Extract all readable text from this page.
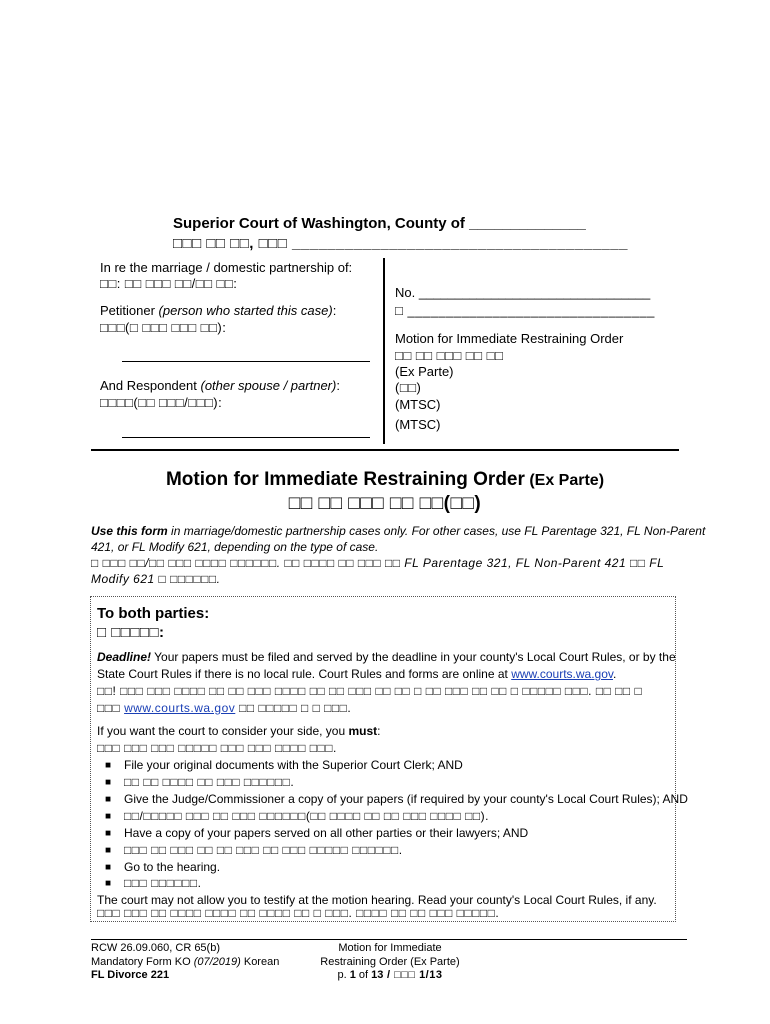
Superior Court of Washington, County of ______________
□□□ □□ □□, □□□ ______________________________________
In re the marriage / domestic partnership of:
□□: □□ □□□ □□/□□ □□:
Petitioner (person who started this case):
□□□(□ □□□ □□□ □□):
And Respondent (other spouse / partner):
□□□□(□□ □□□/□□□):
No. ________________________________
□ ________________________________
Motion for Immediate Restraining Order
□□ □□ □□□ □□ □□
(Ex Parte)
(□□)
(MTSC)
(MTSC)
Motion for Immediate Restraining Order (Ex Parte)
□□ □□ □□□ □□ □□(□□)
Use this form in marriage/domestic partnership cases only. For other cases, use FL Parentage 321, FL Non-Parent
421, or FL Modify 621, depending on the type of case.
□ □□□ □□/□□ □□□ □□□□ □□□□□□. □□ □□□□ □□ □□□ □□ FL Parentage 321, FL Non-Parent 421 □□ FL
Modify 621 □ □□□□□□.
To both parties:
□ □□□□□:
Deadline! Your papers must be filed and served by the deadline in your county's Local Court Rules, or by the
State Court Rules if there is no local rule. Court Rules and forms are online at www.courts.wa.gov.
□□! □□□ □□□ □□□□ □□ □□ □□□ □□□□ □□ □□ □□□ □□ □□ □ □□ □□□ □□ □□ □ □□□□□ □□□. □□ □□ □
□□□ www.courts.wa.gov □□ □□□□□ □ □ □□□.
If you want the court to consider your side, you must:
□□□ □□□ □□□ □□□□□ □□□ □□□ □□□□ □□□.
■ File your original documents with the Superior Court Clerk; AND
■ □□ □□ □□□□ □□ □□□ □□□□□□.
■ Give the Judge/Commissioner a copy of your papers (if required by your county's Local Court Rules); AND
■ □□/□□□□□ □□□ □□ □□□ □□□□□□(□□ □□□□ □□ □□ □□□ □□□□ □□).
■ Have a copy of your papers served on all other parties or their lawyers; AND
■ □□□ □□ □□□ □□ □□ □□□ □□ □□□ □□□□□ □□□□□□.
■ Go to the hearing.
■ □□□ □□□□□□.
The court may not allow you to testify at the motion hearing. Read your county's Local Court Rules, if any.
□□□ □□□ □□ □□□□ □□□□ □□ □□□□ □□ □ □□□. □□□□ □□ □□ □□□ □□□□□.
RCW 26.09.060, CR 65(b)
Mandatory Form KO (07/2019) Korean
FL Divorce 221
Motion for Immediate
Restraining Order (Ex Parte)
p. 1 of 13 / □□□ 1/13
